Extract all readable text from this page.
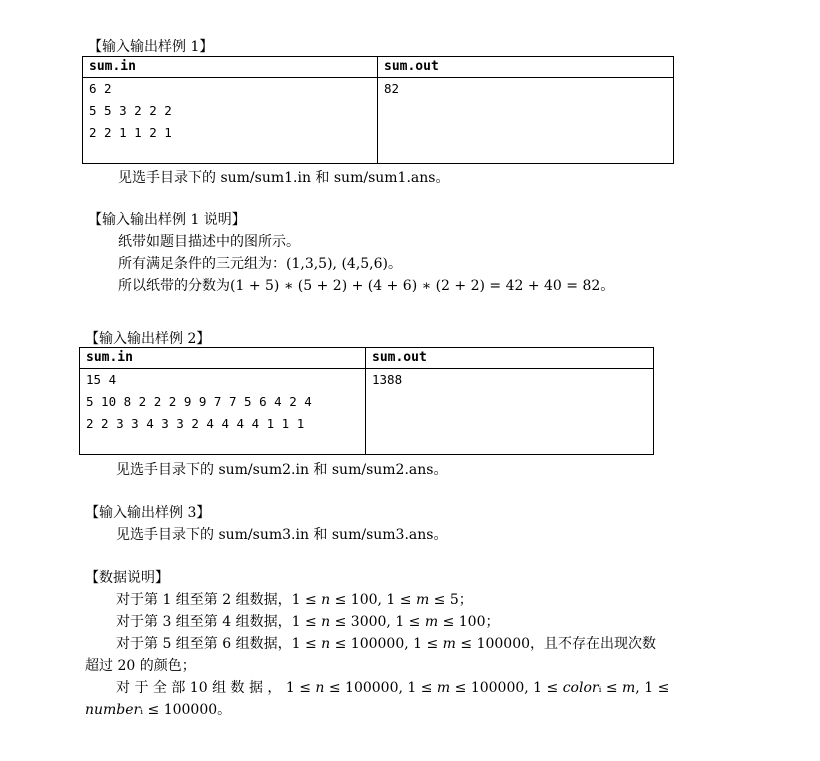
【输入输出样例 1】
sum.in	sum.out

6 2
5 5 3 2 2 2
2 2 1 1 2 1	82
见选手目录下的 sum/sum1.in 和 sum/sum1.ans。
【输入输出样例 1 说明】
纸带如题目描述中的图所示。
所有满足条件的三元组为：(1,3,5), (4,5,6)。
所以纸带的分数为(1 + 5) ∗ (5 + 2) + (4 + 6) ∗ (2 + 2) = 42 + 40 = 82。
【输入输出样例 2】
sum.in	sum.out

15 4
5 10 8 2 2 2 9 9 7 7 5 6 4 2 4
2 2 3 3 4 3 3 2 4 4 4 4 1 1 1	1388
见选手目录下的 sum/sum2.in 和 sum/sum2.ans。
【输入输出样例 3】
见选手目录下的 sum/sum3.in 和 sum/sum3.ans。
【数据说明】
对于第 1 组至第 2 组数据，1 ≤ 𝑛 ≤ 100, 1 ≤ 𝑚 ≤ 5；
对于第 3 组至第 4 组数据，1 ≤ 𝑛 ≤ 3000, 1 ≤ 𝑚 ≤ 100；
对于第 5 组至第 6 组数据，1 ≤ 𝑛 ≤ 100000, 1 ≤ 𝑚 ≤ 100000，且不存在出现次数
超过 20 的颜色；
对 于 全 部 10 组 数 据 ， 1 ≤ 𝑛 ≤ 100000, 1 ≤ 𝑚 ≤ 100000, 1 ≤ 𝑐𝑜𝑙𝑜𝑟ᵢ ≤ 𝑚, 1 ≤
𝑛𝑢𝑚𝑏𝑒𝑟ᵢ ≤ 100000。
